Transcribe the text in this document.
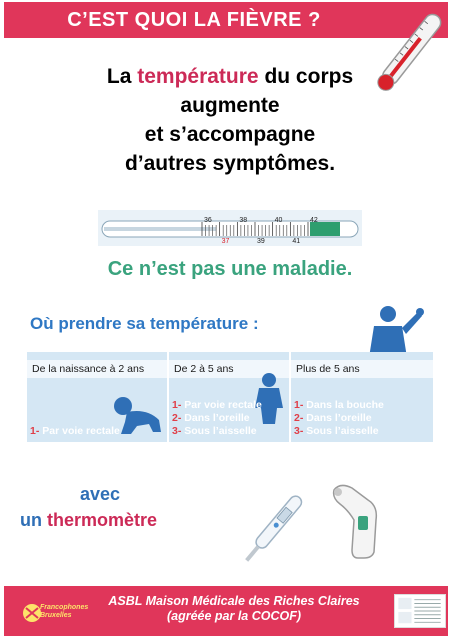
C’EST QUOI LA FIÈVRE ?
La température du corps
augmente
et s’accompagne
d’autres symptômes.
36
37
38
39
40
41
42
Ce n’est pas une maladie.
Où prendre sa température :
De la naissance à 2 ans
1- Par voie rectale
De 2 à 5 ans
1- Par voie rectale
2- Dans l’oreille
3- Sous l’aisselle
Plus de 5 ans
1- Dans la bouche
2- Dans l’oreille
3- Sous l’aisselle
avec
un thermomètre
Francophones
Bruxelles
ASBL Maison Médicale des Riches Claires
(agréée par la COCOF)
